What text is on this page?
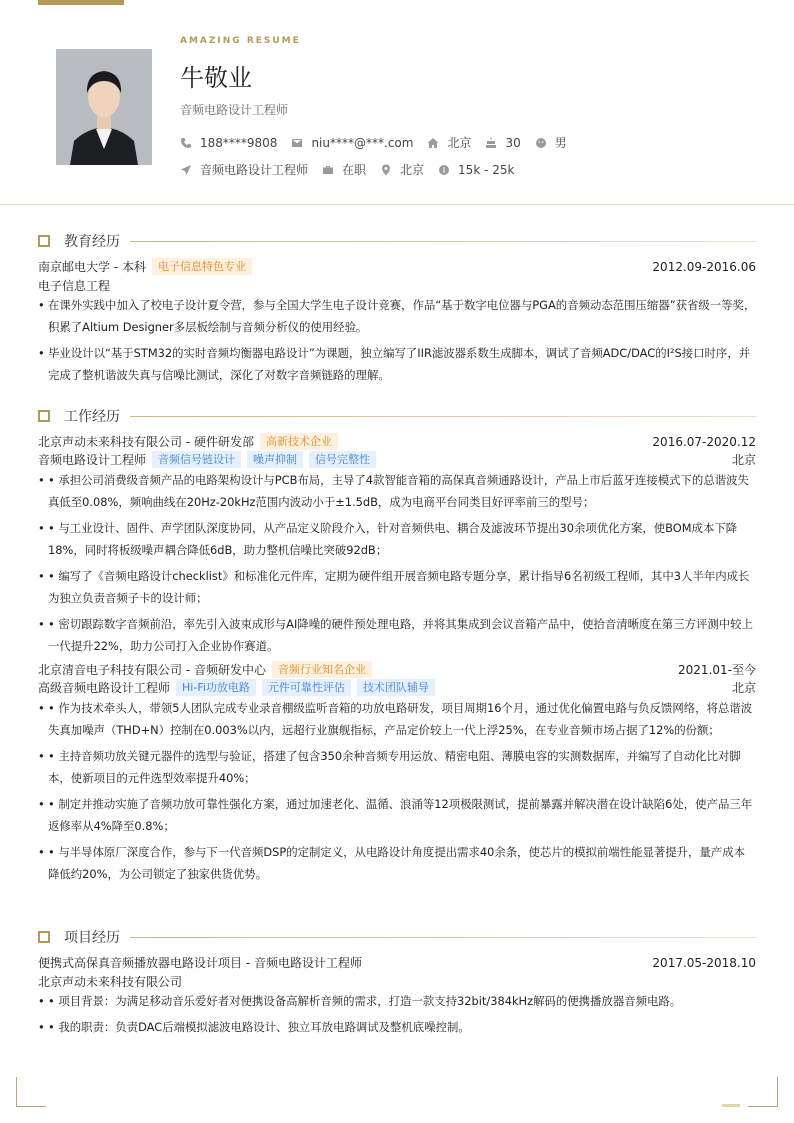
AMAZING RESUME
牛敬业
音频电路设计工程师
188****9808	niu****@***.com	北京	30	男
音频电路设计工程师	在职	北京	15k - 25k
教育经历
南京邮电大学 - 本科	电子信息特色专业	2012.09-2016.06
电子信息工程
• 在课外实践中加入了校电子设计夏令营，参与全国大学生电子设计竞赛，作品“基于数字电位器与PGA的音频动态范围压缩器”获省级一等奖，积累了Altium Designer多层板绘制与音频分析仪的使用经验。
• 毕业设计以“基于STM32的实时音频均衡器电路设计”为课题，独立编写了IIR滤波器系数生成脚本，调试了音频ADC/DAC的I²S接口时序，并完成了整机谐波失真与信噪比测试，深化了对数字音频链路的理解。
工作经历
北京声动未来科技有限公司 - 硬件研发部	高新技术企业	2016.07-2020.12
音频电路设计工程师	音频信号链设计	噪声抑制	信号完整性	北京
• • 承担公司消费级音频产品的电路架构设计与PCB布局，主导了4款智能音箱的高保真音频通路设计，产品上市后蓝牙连接模式下的总谐波失真低至0.08%，频响曲线在20Hz-20kHz范围内波动小于±1.5dB，成为电商平台同类目好评率前三的型号；
• • 与工业设计、固件、声学团队深度协同，从产品定义阶段介入，针对音频供电、耦合及滤波环节提出30余项优化方案，使BOM成本下降18%，同时将板级噪声耦合降低6dB，助力整机信噪比突破92dB；
• • 编写了《音频电路设计checklist》和标准化元件库，定期为硬件组开展音频电路专题分享，累计指导6名初级工程师，其中3人半年内成长为独立负责音频子卡的设计师；
• • 密切跟踪数字音频前沿，率先引入波束成形与AI降噪的硬件预处理电路，并将其集成到会议音箱产品中，使拾音清晰度在第三方评测中较上一代提升22%，助力公司打入企业协作赛道。
北京清音电子科技有限公司 - 音频研发中心	音频行业知名企业	2021.01-至今
高级音频电路设计工程师	Hi-Fi功放电路	元件可靠性评估	技术团队辅导	北京
• • 作为技术牵头人，带领5人团队完成专业录音棚级监听音箱的功放电路研发，项目周期16个月，通过优化偏置电路与负反馈网络，将总谐波失真加噪声（THD+N）控制在0.003%以内，远超行业旗舰指标，产品定价较上一代上浮25%，在专业音频市场占据了12%的份额；
• • 主持音频功放关键元器件的选型与验证，搭建了包含350余种音频专用运放、精密电阻、薄膜电容的实测数据库，并编写了自动化比对脚本，使新项目的元件选型效率提升40%；
• • 制定并推动实施了音频功放可靠性强化方案，通过加速老化、温循、浪涌等12项极限测试，提前暴露并解决潜在设计缺陷6处，使产品三年返修率从4%降至0.8%；
• • 与半导体原厂深度合作，参与下一代音频DSP的定制定义，从电路设计角度提出需求40余条，使芯片的模拟前端性能显著提升，量产成本降低约20%，为公司锁定了独家供货优势。
项目经历
便携式高保真音频播放器电路设计项目 - 音频电路设计工程师	2017.05-2018.10
北京声动未来科技有限公司
• • 项目背景：为满足移动音乐爱好者对便携设备高解析音频的需求，打造一款支持32bit/384kHz解码的便携播放器音频电路。
• • 我的职责：负责DAC后端模拟滤波电路设计、独立耳放电路调试及整机底噪控制。
